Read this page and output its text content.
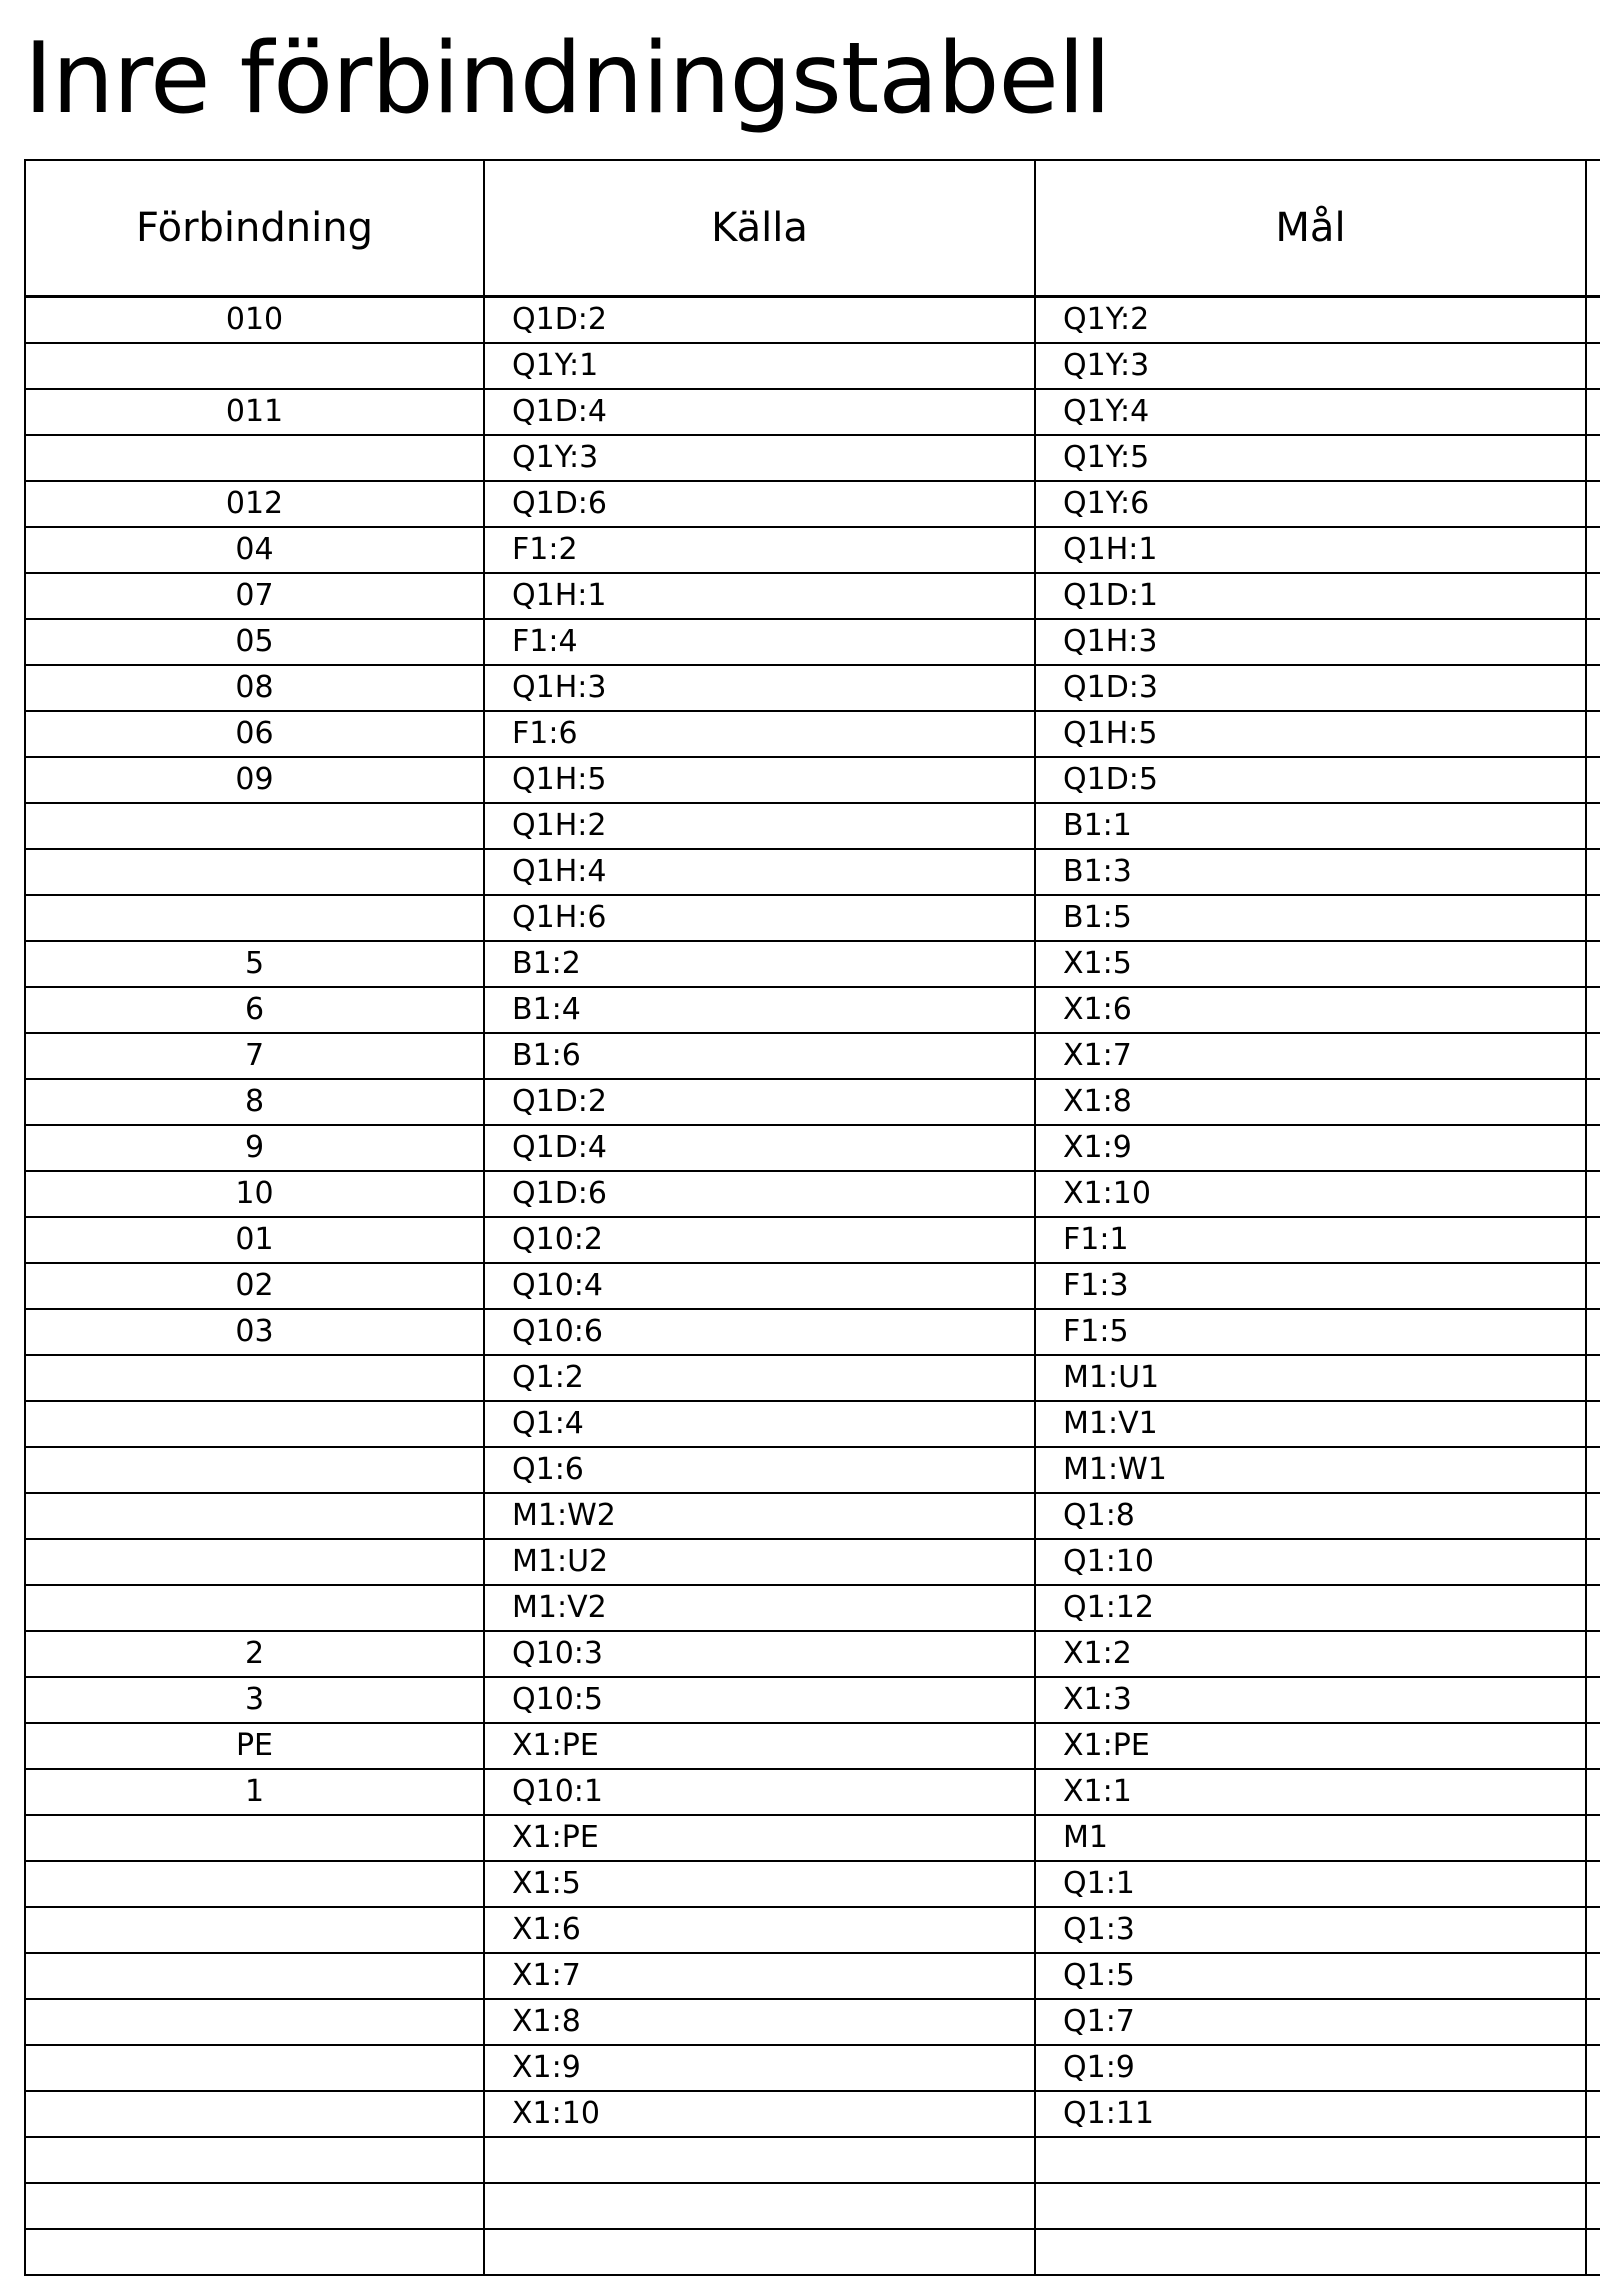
Inre förbindningstabell
Förbindning	Källa	Mål	
010	Q1D:2	Q1Y:2	
	Q1Y:1	Q1Y:3	
011	Q1D:4	Q1Y:4	
	Q1Y:3	Q1Y:5	
012	Q1D:6	Q1Y:6	
04	F1:2	Q1H:1	
07	Q1H:1	Q1D:1	
05	F1:4	Q1H:3	
08	Q1H:3	Q1D:3	
06	F1:6	Q1H:5	
09	Q1H:5	Q1D:5	
	Q1H:2	B1:1	
	Q1H:4	B1:3	
	Q1H:6	B1:5	
5	B1:2	X1:5	
6	B1:4	X1:6	
7	B1:6	X1:7	
8	Q1D:2	X1:8	
9	Q1D:4	X1:9	
10	Q1D:6	X1:10	
01	Q10:2	F1:1	
02	Q10:4	F1:3	
03	Q10:6	F1:5	
	Q1:2	M1:U1	
	Q1:4	M1:V1	
	Q1:6	M1:W1	
	M1:W2	Q1:8	
	M1:U2	Q1:10	
	M1:V2	Q1:12	
2	Q10:3	X1:2	
3	Q10:5	X1:3	
PE	X1:PE	X1:PE	
1	Q10:1	X1:1	
	X1:PE	M1	
	X1:5	Q1:1	
	X1:6	Q1:3	
	X1:7	Q1:5	
	X1:8	Q1:7	
	X1:9	Q1:9	
	X1:10	Q1:11	
